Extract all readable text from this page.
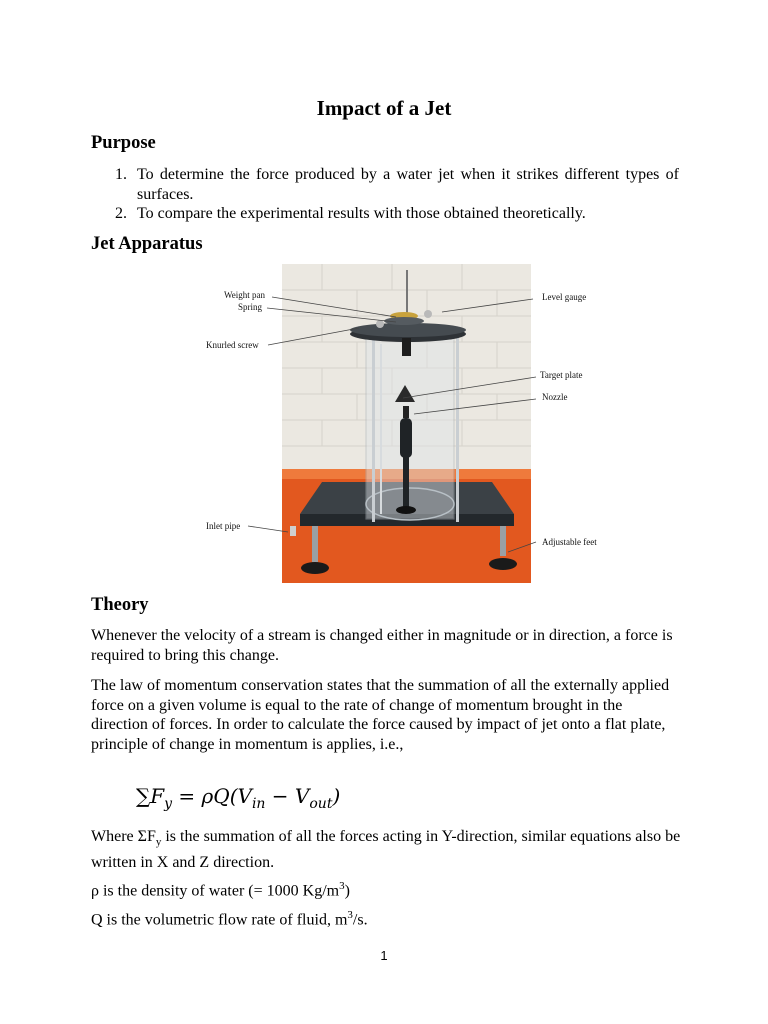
Impact of a Jet
Purpose
1. To determine the force produced by a water jet when it strikes different types of surfaces.
2. To compare the experimental results with those obtained theoretically.
Jet Apparatus
Weight pan
Spring
Knurled screw
Inlet pipe
Level gauge
Target plate
Nozzle
Adjustable feet
Theory

Whenever the velocity of a stream is changed either in magnitude or in direction, a force is required to bring this change.

The law of momentum conservation states that the summation of all the externally applied force on a given volume is equal to the rate of change of momentum brought in the direction of forces. In order to calculate the force caused by impact of jet onto a flat plate, principle of change in momentum is applies, i.e.,

$\sum F_y = \rho Q(V_{in} - V_{out})$

Where $\Sigma F_y$ is the summation of all the forces acting in Y-direction, similar equations also be written in X and Z direction.

ρ is the density of water (= 1000 $Kg/m^3$)

Q is the volumetric flow rate of fluid, $m^3/s$.

1
